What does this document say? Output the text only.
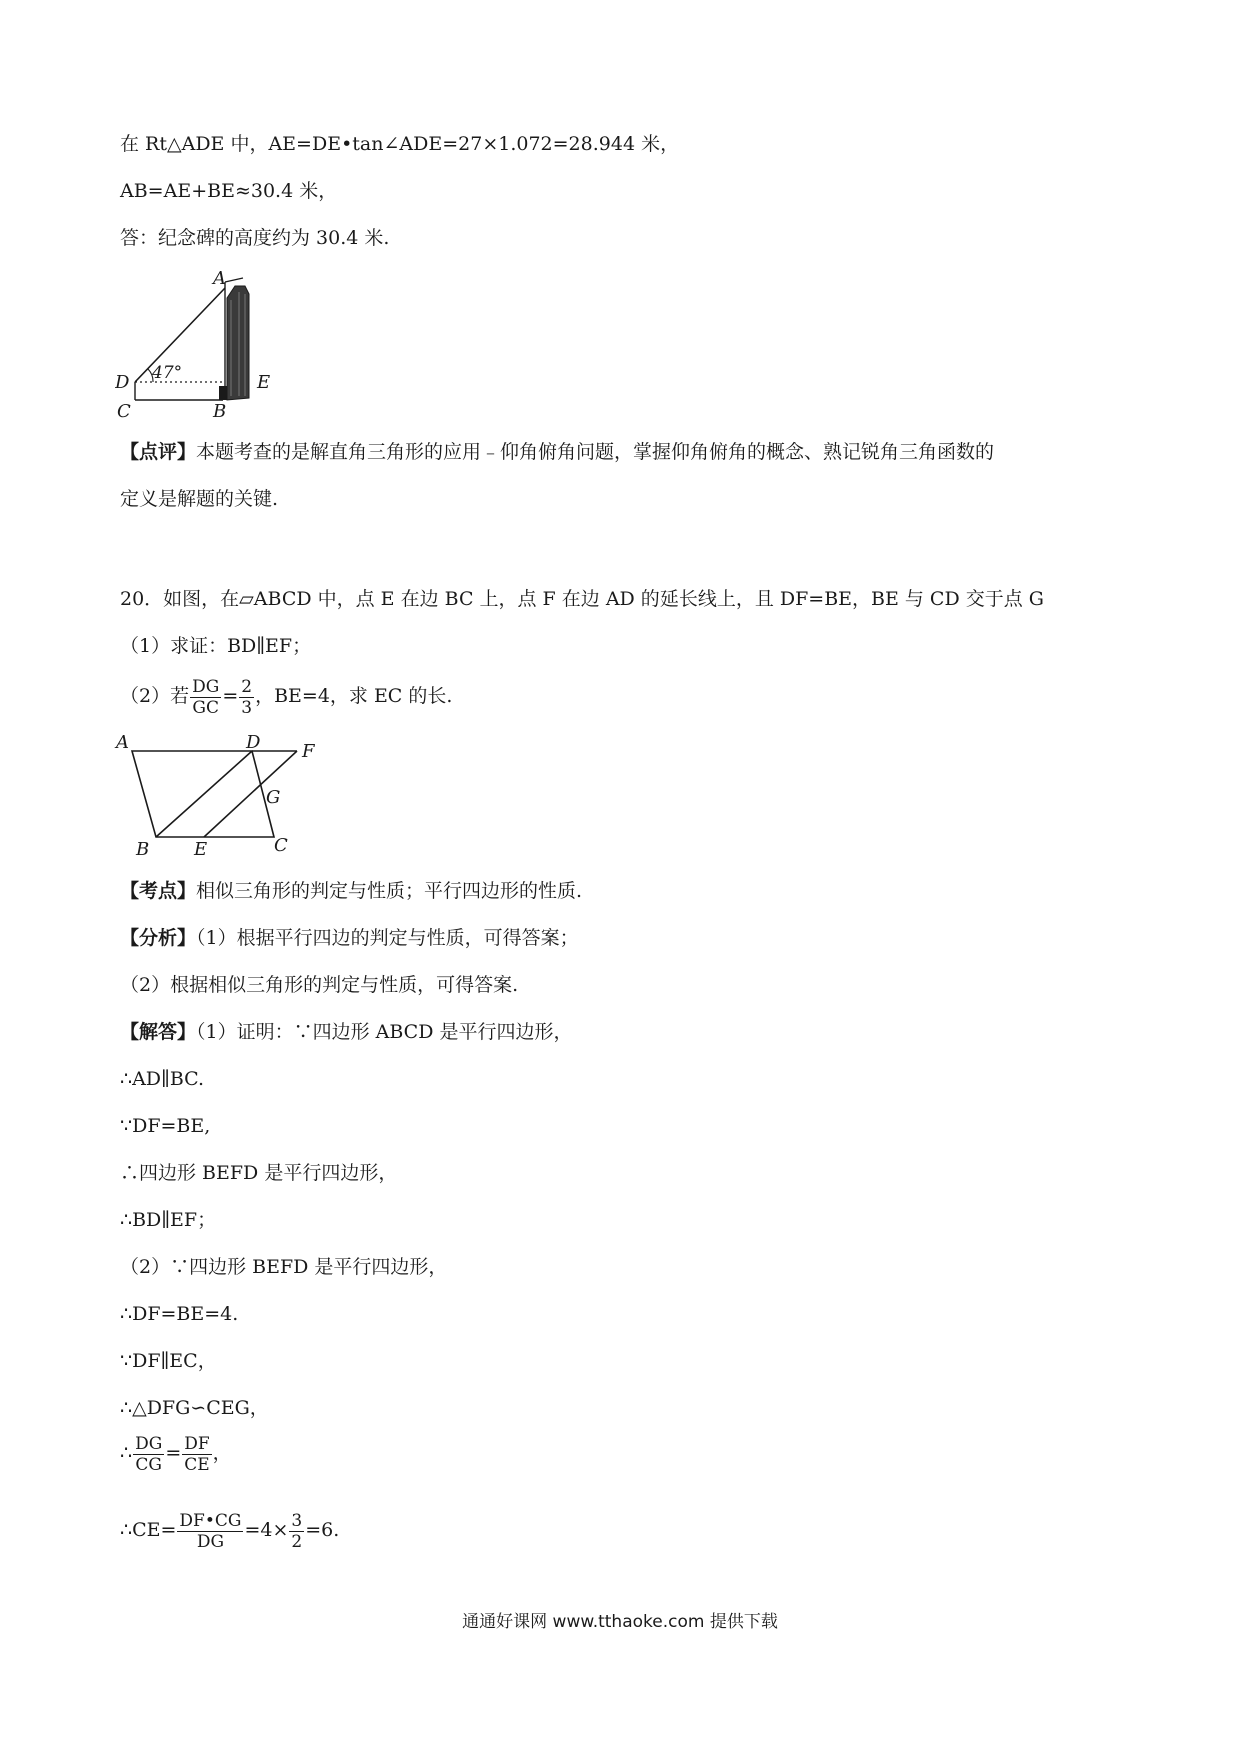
在 Rt△ADE 中，AE=DE•tan∠ADE=27×1.072=28.944 米，
AB=AE+BE≈30.4 米，
答：纪念碑的高度约为 30.4 米.
A
D 47°	E
C	B
【点评】本题考查的是解直角三角形的应用﹣仰角俯角问题，掌握仰角俯角的概念、熟记锐角三角函数的
定义是解题的关键.
20．如图，在▱ABCD 中，点 E 在边 BC 上，点 F 在边 AD 的延长线上，且 DF=BE，BE 与 CD 交于点 G
（1）求证：BD∥EF；
（2）若 $\frac{DG}{GC} = \frac{2}{3}$ ，BE=4，求 EC 的长.
A	D F
G
B E	C
【考点】相似三角形的判定与性质；平行四边形的性质.
【分析】（1）根据平行四边的判定与性质，可得答案；
（2）根据相似三角形的判定与性质，可得答案.
【解答】（1）证明：∵四边形 ABCD 是平行四边形，
∴AD∥BC.
∵DF=BE,
∴四边形 BEFD 是平行四边形，
∴BD∥EF；
（2）∵四边形 BEFD 是平行四边形，
∴DF=BE=4.
∵DF∥EC，
∴△DFG∽CEG，
∴ $\frac{DG}{CG} = \frac{DF}{CE}$ ，
∴CE= $\frac{DF•CG}{DG} =4\times \frac{3}{2} =6$.
通通好课网 www.tthaoke.com 提供下载
